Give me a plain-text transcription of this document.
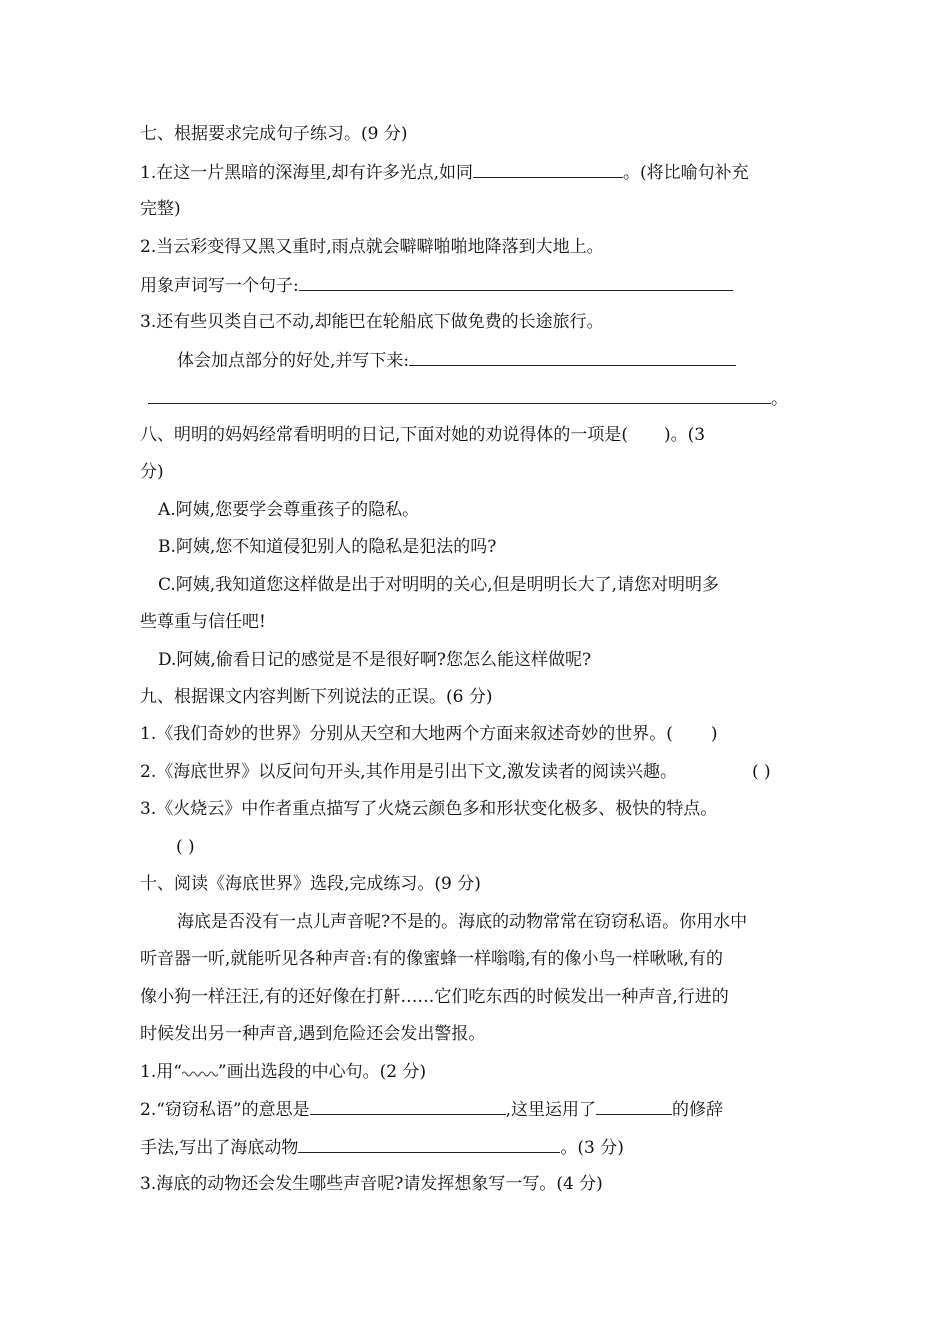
七、根据要求完成句子练习。(9 分)
1.在这一片黑暗的深海里,却有许多光点,如同	。(将比喻句补充
完整)
2.当云彩变得又黑又重时,雨点就会噼噼啪啪地降落到大地上。
用象声词写一个句子:
3.还有些贝类自己不动,却能巴在轮船底下做免费的长途旅行。
体会加点部分的好处,并写下来:
。
八、明明的妈妈经常看明明的日记,下面对她的劝说得体的一项是( )。(3
分)
A.阿姨,您要学会尊重孩子的隐私。
B.阿姨,您不知道侵犯别人的隐私是犯法的吗?
C.阿姨,我知道您这样做是出于对明明的关心,但是明明长大了,请您对明明多
些尊重与信任吧!
D.阿姨,偷看日记的感觉是不是很好啊?您怎么能这样做呢?
九、根据课文内容判断下列说法的正误。(6 分)
1.《我们奇妙的世界》分别从天空和大地两个方面来叙述奇妙的世界。( )
2.《海底世界》以反问句开头,其作用是引出下文,激发读者的阅读兴趣。	( )
3.《火烧云》中作者重点描写了火烧云颜色多和形状变化极多、极快的特点。
( )
十、阅读《海底世界》选段,完成练习。(9 分)
海底是否没有一点儿声音呢?不是的。海底的动物常常在窃窃私语。你用水中
听音器一听,就能听见各种声音:有的像蜜蜂一样嗡嗡,有的像小鸟一样啾啾,有的
像小狗一样汪汪,有的还好像在打鼾……它们吃东西的时候发出一种声音,行进的
时候发出另一种声音,遇到危险还会发出警报。
1.用“ ”画出选段的中心句。(2 分)
2.“窃窃私语”的意思是	,这里运用了	的修辞
手法,写出了海底动物	。(3 分)
3.海底的动物还会发生哪些声音呢?请发挥想象写一写。(4 分)
